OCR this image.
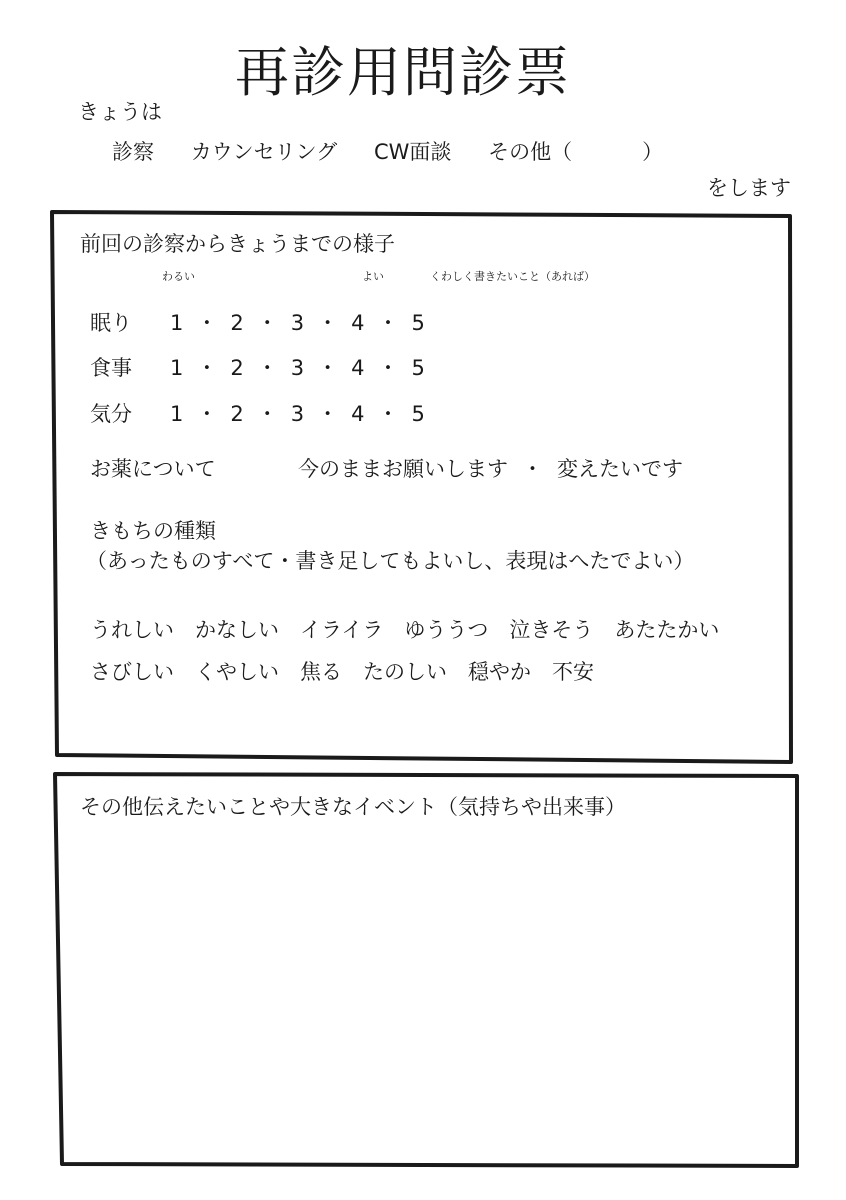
再診用問診票
きょうは
診察 カウンセリング CW面談 その他（	）
をします
前回の診察からきょうまでの様子
わるい	よい	くわしく書きたいこと（あれば）
眠り 1 ・ 2 ・ 3 ・ 4 ・ 5
食事 1 ・ 2 ・ 3 ・ 4 ・ 5
気分 1 ・ 2 ・ 3 ・ 4 ・ 5
お薬について	今のままお願いします ・ 変えたいです
きもちの種類
（あったものすべて・書き足してもよいし、表現はへたでよい）
うれしい かなしい イライラ ゆううつ 泣きそう あたたかい
さびしい くやしい 焦る たのしい 穏やか 不安
その他伝えたいことや大きなイベント（気持ちや出来事）
